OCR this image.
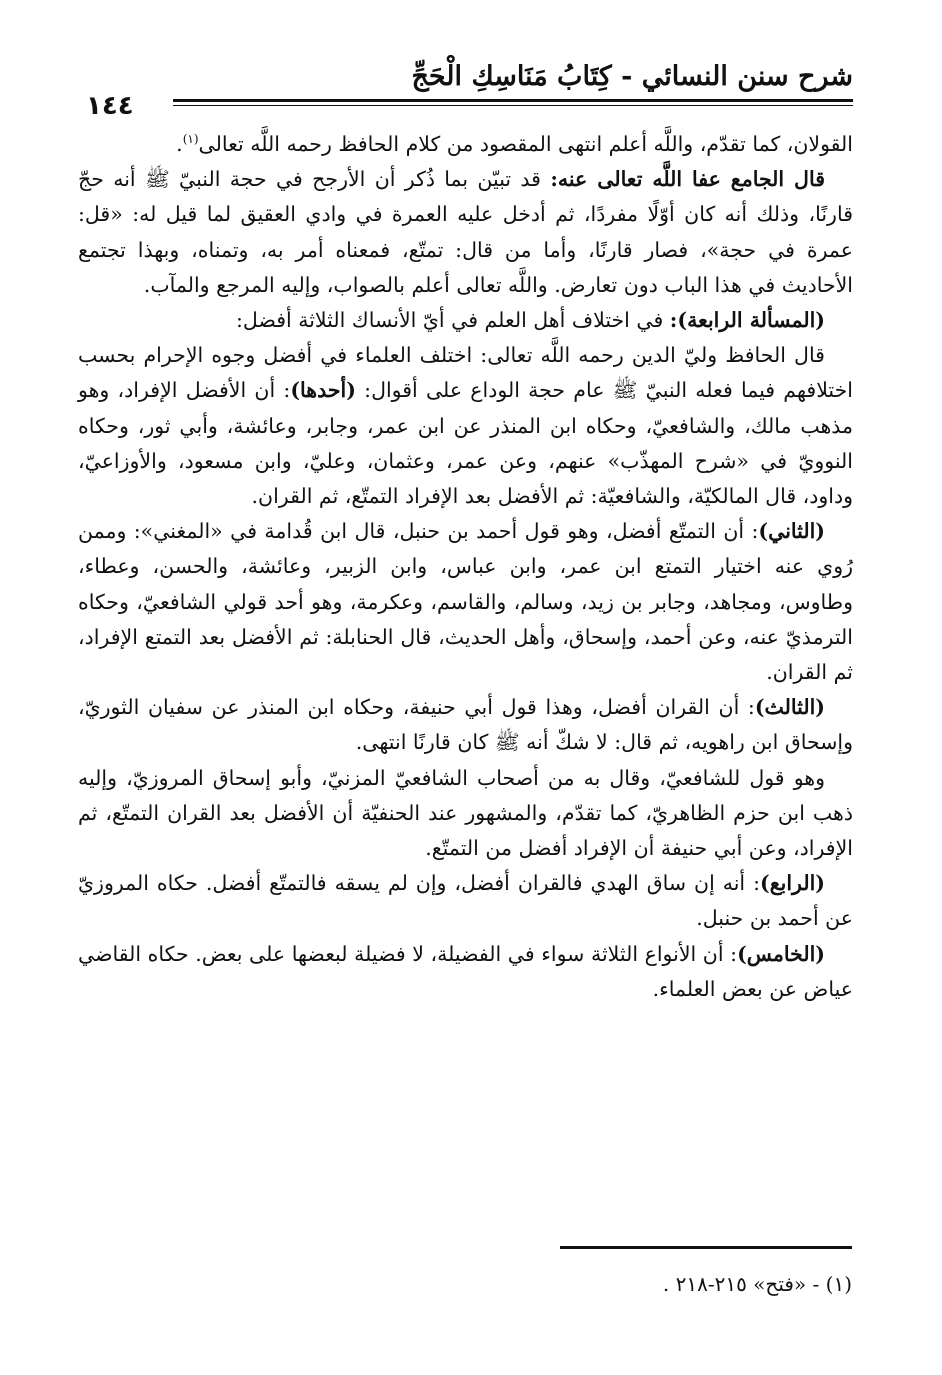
شرح سنن النسائي - كِتَابُ مَنَاسِكِ الْحَجِّ
١٤٤

القولان، كما تقدّم، واللَّه أعلم انتهى المقصود من كلام الحافظ رحمه اللَّه تعالى$^{(١)}$.

قال الجامع عفا اللَّه تعالى عنه: قد تبيّن بما ذُكر أن الأرجح في حجة النبيّ ﷺ أنه حجّ قارنًا، وذلك أنه كان أوّلًا مفردًا، ثم أدخل عليه العمرة في وادي العقيق لما قيل له: «قل: عمرة في حجة»، فصار قارنًا، وأما من قال: تمتّع، فمعناه أمر به، وتمناه، وبهذا تجتمع الأحاديث في هذا الباب دون تعارض. واللَّه تعالى أعلم بالصواب، وإليه المرجع والمآب.

(المسألة الرابعة): في اختلاف أهل العلم في أيّ الأنساك الثلاثة أفضل:

قال الحافظ وليّ الدين رحمه اللَّه تعالى: اختلف العلماء في أفضل وجوه الإحرام بحسب اختلافهم فيما فعله النبيّ ﷺ عام حجة الوداع على أقوال: (أحدها): أن الأفضل الإفراد، وهو مذهب مالك، والشافعيّ، وحكاه ابن المنذر عن ابن عمر، وجابر، وعائشة، وأبي ثور، وحكاه النوويّ في «شرح المهذّب» عنهم، وعن عمر، وعثمان، وعليّ، وابن مسعود، والأوزاعيّ، وداود، قال المالكيّة، والشافعيّة: ثم الأفضل بعد الإفراد التمتّع، ثم القران.

(الثاني): أن التمتّع أفضل، وهو قول أحمد بن حنبل، قال ابن قُدامة في «المغني»: وممن رُوي عنه اختيار التمتع ابن عمر، وابن عباس، وابن الزبير، وعائشة، والحسن، وعطاء، وطاوس، ومجاهد، وجابر بن زيد، وسالم، والقاسم، وعكرمة، وهو أحد قولي الشافعيّ، وحكاه الترمذيّ عنه، وعن أحمد، وإسحاق، وأهل الحديث، قال الحنابلة: ثم الأفضل بعد التمتع الإفراد، ثم القران.

(الثالث): أن القران أفضل، وهذا قول أبي حنيفة، وحكاه ابن المنذر عن سفيان الثوريّ، وإسحاق ابن راهويه، ثم قال: لا شكّ أنه ﷺ كان قارنًا انتهى.

وهو قول للشافعيّ، وقال به من أصحاب الشافعيّ المزنيّ، وأبو إسحاق المروزيّ، وإليه ذهب ابن حزم الظاهريّ، كما تقدّم، والمشهور عند الحنفيّة أن الأفضل بعد القران التمتّع، ثم الإفراد، وعن أبي حنيفة أن الإفراد أفضل من التمتّع.

(الرابع): أنه إن ساق الهدي فالقران أفضل، وإن لم يسقه فالتمتّع أفضل. حكاه المروزيّ عن أحمد بن حنبل.

(الخامس): أن الأنواع الثلاثة سواء في الفضيلة، لا فضيلة لبعضها على بعض. حكاه القاضي عياض عن بعض العلماء.

(١) - «فتح» ٢١٥-٢١٨ .
